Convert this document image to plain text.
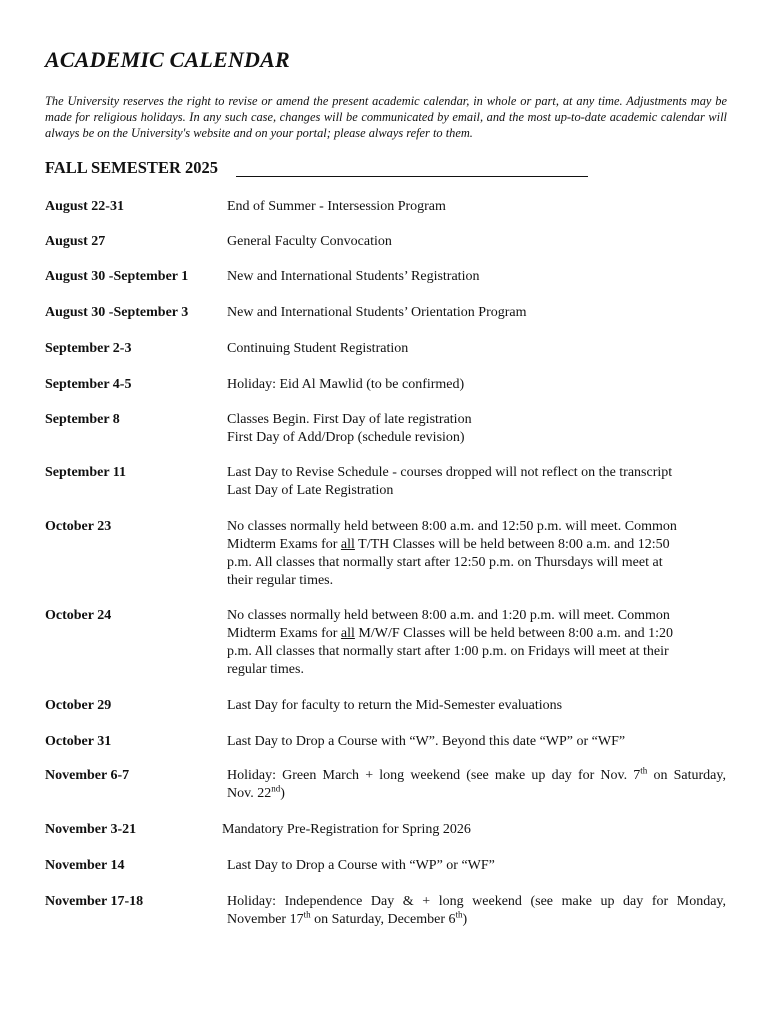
ACADEMIC CALENDAR
The University reserves the right to revise or amend the present academic calendar, in whole or part, at any time. Adjustments may be made for religious holidays. In any such case, changes will be communicated by email, and the most up-to-date academic calendar will always be on the University's website and on your portal; please always refer to them.
FALL SEMESTER 2025
August 22-31	End of Summer - Intersession Program
August 27	General Faculty Convocation
August 30 -September 1	New and International Students’ Registration
August 30 -September 3	New and International Students’ Orientation Program
September 2-3	Continuing Student Registration
September 4-5	Holiday: Eid Al Mawlid (to be confirmed)
September 8	Classes Begin. First Day of late registration
First Day of Add/Drop (schedule revision)
September 11	Last Day to Revise Schedule - courses dropped will not reflect on the transcript
Last Day of Late Registration
October 23	No classes normally held between 8:00 a.m. and 12:50 p.m. will meet. Common
Midterm Exams for all T/TH Classes will be held between 8:00 a.m. and 12:50
p.m. All classes that normally start after 12:50 p.m. on Thursdays will meet at
their regular times.
October 24	No classes normally held between 8:00 a.m. and 1:20 p.m. will meet. Common
Midterm Exams for all M/W/F Classes will be held between 8:00 a.m. and 1:20
p.m. All classes that normally start after 1:00 p.m. on Fridays will meet at their
regular times.
October 29	Last Day for faculty to return the Mid-Semester evaluations
October 31	Last Day to Drop a Course with “W”. Beyond this date “WP” or “WF”
November 6-7	Holiday: Green March + long weekend (see make up day for Nov. 7th on Saturday,
Nov. 22nd)
November 3-21	Mandatory Pre-Registration for Spring 2026
November 14	Last Day to Drop a Course with “WP” or “WF”
November 17-18	Holiday: Independence Day & + long weekend (see make up day for Monday,
November 17th on Saturday, December 6th)
